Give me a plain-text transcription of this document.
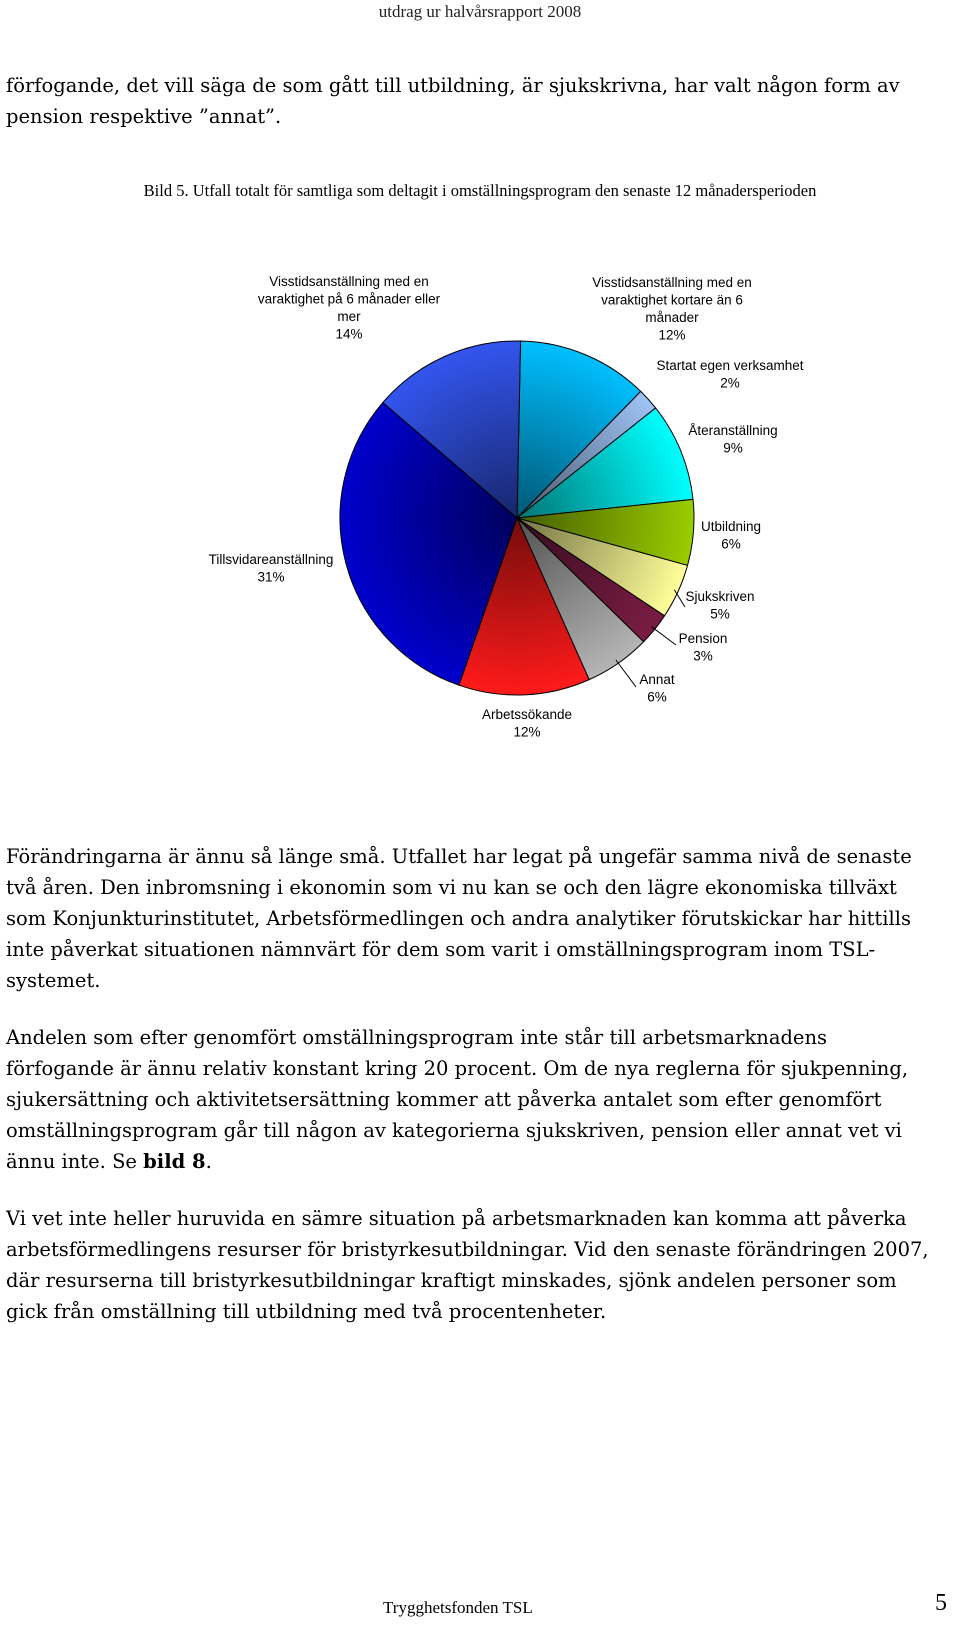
utdrag ur halvårsrapport 2008

förfogande, det vill säga de som gått till utbildning, är sjukskrivna, har valt någon form av pension respektive ”annat”.

Bild 5. Utfall totalt för samtliga som deltagit i omställningsprogram den senaste 12 månadersperioden
Visstidsanställning med en varaktighet kortare än 6 månader 12%
Startat egen verksamhet 2%
Återanställning 9%
Utbildning 6%
Sjukskriven 5%
Pension 3%
Annat 6%
Arbetssökande 12%
Tillsvidareanställning 31%
Visstidsanställning med en varaktighet på 6 månader eller mer 14%

Förändringarna är ännu så länge små. Utfallet har legat på ungefär samma nivå de senaste två åren. Den inbromsning i ekonomin som vi nu kan se och den lägre ekonomiska tillväxt som Konjunkturinstitutet, Arbetsförmedlingen och andra analytiker förutskickar har hittills inte påverkat situationen nämnvärt för dem som varit i omställningsprogram inom TSL-systemet.

Andelen som efter genomfört omställningsprogram inte står till arbetsmarknadens förfogande är ännu relativ konstant kring 20 procent. Om de nya reglerna för sjukpenning, sjukersättning och aktivitetsersättning kommer att påverka antalet som efter genomfört omställningsprogram går till någon av kategorierna sjukskriven, pension eller annat vet vi ännu inte. Se bild 8.

Vi vet inte heller huruvida en sämre situation på arbetsmarknaden kan komma att påverka arbetsförmedlingens resurser för bristyrkesutbildningar. Vid den senaste förändringen 2007, där resurserna till bristyrkesutbildningar kraftigt minskades, sjönk andelen personer som gick från omställning till utbildning med två procentenheter.

Trygghetsfonden TSL	5
